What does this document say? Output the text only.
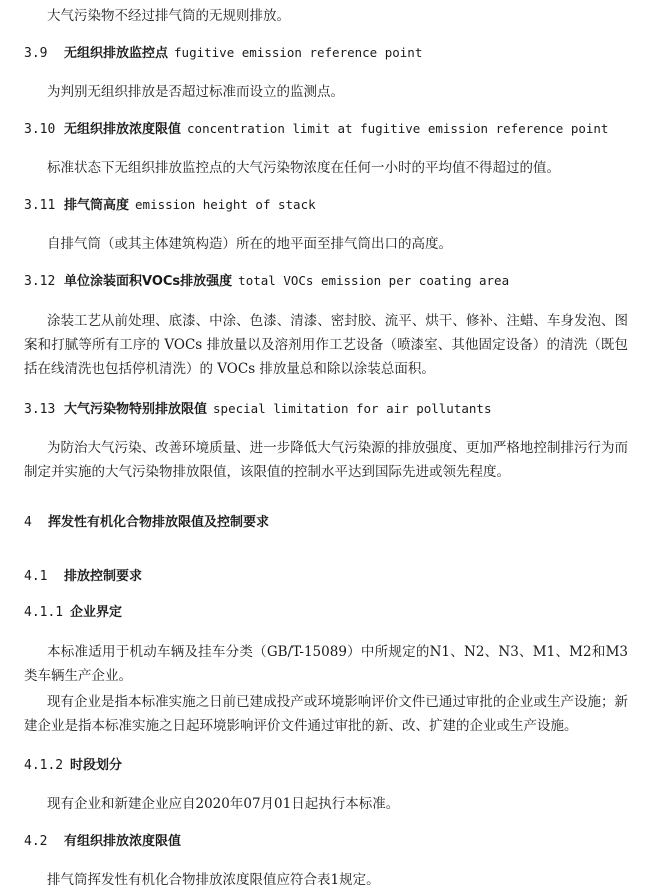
大气污染物不经过排气筒的无规则排放。
3.9 无组织排放监控点 fugitive emission reference point
为判别无组织排放是否超过标准而设立的监测点。
3.10 无组织排放浓度限值 concentration limit at fugitive emission reference point
标准状态下无组织排放监控点的大气污染物浓度在任何一小时的平均值不得超过的值。
3.11 排气筒高度 emission height of stack
自排气筒（或其主体建筑构造）所在的地平面至排气筒出口的高度。
3.12 单位涂装面积VOCs排放强度 total VOCs emission per coating area
涂装工艺从前处理、底漆、中涂、色漆、清漆、密封胶、流平、烘干、修补、注蜡、车身发泡、图案和打腻等所有工序的 VOCs 排放量以及溶剂用作工艺设备（喷漆室、其他固定设备）的清洗（既包括在线清洗也包括停机清洗）的 VOCs 排放量总和除以涂装总面积。
3.13 大气污染物特别排放限值 special limitation for air pollutants
为防治大气污染、改善环境质量、进一步降低大气污染源的排放强度、更加严格地控制排污行为而制定并实施的大气污染物排放限值，该限值的控制水平达到国际先进或领先程度。
4 挥发性有机化合物排放限值及控制要求
4.1 排放控制要求
4.1.1 企业界定
本标准适用于机动车辆及挂车分类（GB/T-15089）中所规定的N1、N2、N3、M1、M2和M3类车辆生产企业。
现有企业是指本标准实施之日前已建成投产或环境影响评价文件已通过审批的企业或生产设施；新建企业是指本标准实施之日起环境影响评价文件通过审批的新、改、扩建的企业或生产设施。
4.1.2 时段划分
现有企业和新建企业应自2020年07月01日起执行本标准。
4.2 有组织排放浓度限值
排气筒挥发性有机化合物排放浓度限值应符合表1规定。
